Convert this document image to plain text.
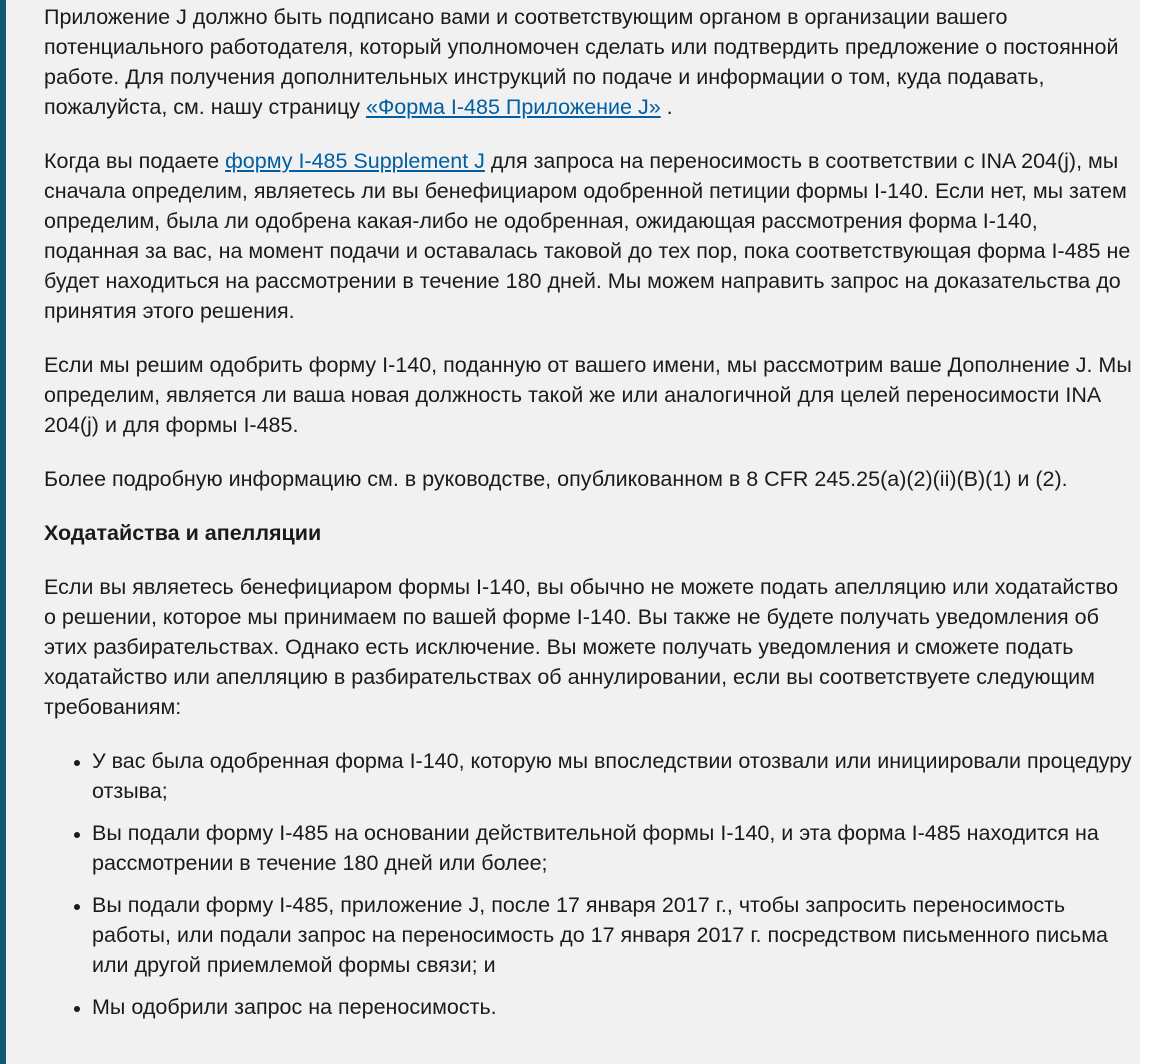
Приложение J должно быть подписано вами и соответствующим органом в организации вашего потенциального работодателя, который уполномочен сделать или подтвердить предложение о постоянной работе. Для получения дополнительных инструкций по подаче и информации о том, куда подавать, пожалуйста, см. нашу страницу «Форма I-485 Приложение J» .

Когда вы подаете форму I-485 Supplement J для запроса на переносимость в соответствии с INA 204(j), мы сначала определим, являетесь ли вы бенефициаром одобренной петиции формы I-140. Если нет, мы затем определим, была ли одобрена какая-либо не одобренная, ожидающая рассмотрения форма I-140, поданная за вас, на момент подачи и оставалась таковой до тех пор, пока соответствующая форма I-485 не будет находиться на рассмотрении в течение 180 дней. Мы можем направить запрос на доказательства до принятия этого решения.

Если мы решим одобрить форму I-140, поданную от вашего имени, мы рассмотрим ваше Дополнение J. Мы определим, является ли ваша новая должность такой же или аналогичной для целей переносимости INA 204(j) и для формы I-485.

Более подробную информацию см. в руководстве, опубликованном в 8 CFR 245.25(a)(2)(ii)(B)(1) и (2).

Ходатайства и апелляции

Если вы являетесь бенефициаром формы I-140, вы обычно не можете подать апелляцию или ходатайство о решении, которое мы принимаем по вашей форме I-140. Вы также не будете получать уведомления об этих разбирательствах. Однако есть исключение. Вы можете получать уведомления и сможете подать ходатайство или апелляцию в разбирательствах об аннулировании, если вы соответствуете следующим требованиям:

• У вас была одобренная форма I-140, которую мы впоследствии отозвали или инициировали процедуру отзыва;
• Вы подали форму I-485 на основании действительной формы I-140, и эта форма I-485 находится на рассмотрении в течение 180 дней или более;
• Вы подали форму I-485, приложение J, после 17 января 2017 г., чтобы запросить переносимость работы, или подали запрос на переносимость до 17 января 2017 г. посредством письменного письма или другой приемлемой формы связи; и
• Мы одобрили запрос на переносимость.
